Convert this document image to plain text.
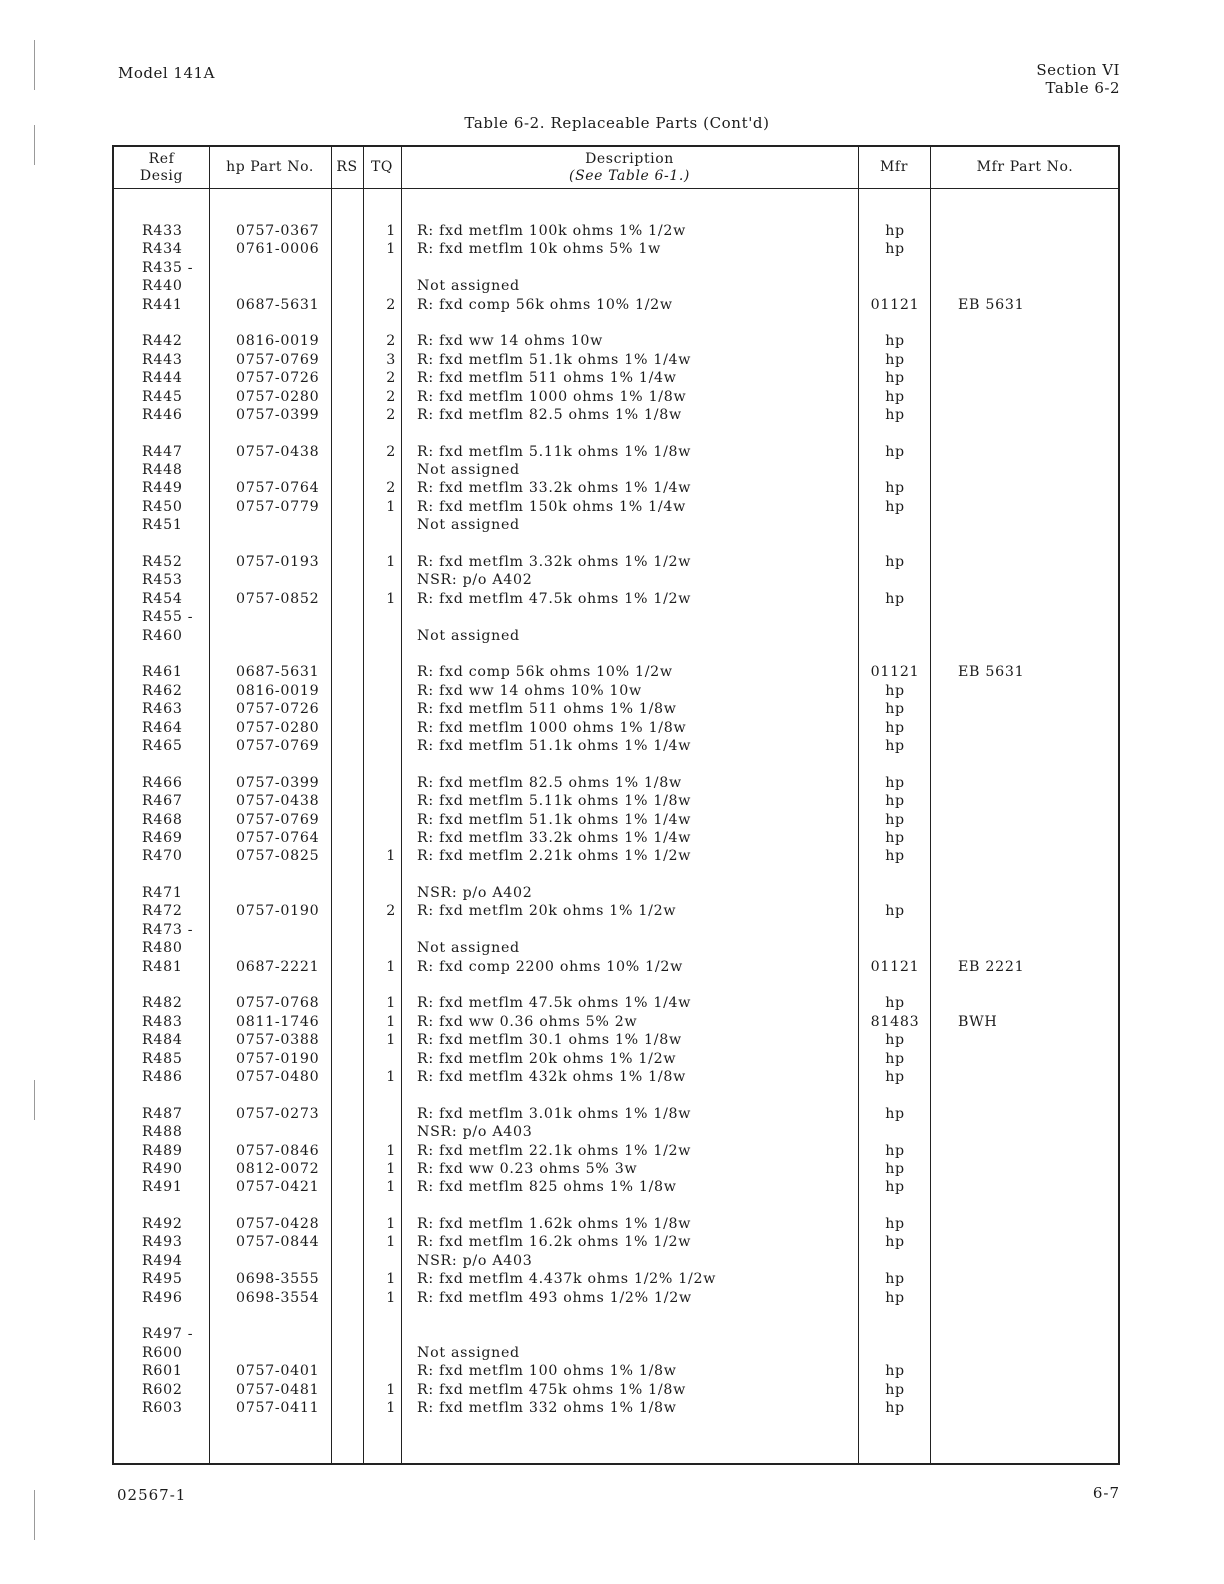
Model 141A	Section VI
Table 6-2
Table 6-2. Replaceable Parts (Cont'd)
Ref
Desig
hp Part No. RS TQ
Description
(See Table 6-1.)
Mfr	Mfr Part No.
R433	0757-0367	1 R: fxd metflm 100k ohms 1% 1/2w	hp
R434	0761-0006	1 R: fxd metflm 10k ohms 5% 1w	hp
R435 -
R440	Not assigned
R441	0687-5631	2 R: fxd comp 56k ohms 10% 1/2w	01121	EB 5631
R442	0816-0019	2 R: fxd ww 14 ohms 10w	hp
R443	0757-0769	3 R: fxd metflm 51.1k ohms 1% 1/4w	hp
R444	0757-0726	2 R: fxd metflm 511 ohms 1% 1/4w	hp
R445	0757-0280	2 R: fxd metflm 1000 ohms 1% 1/8w	hp
R446	0757-0399	2 R: fxd metflm 82.5 ohms 1% 1/8w	hp
R447	0757-0438	2 R: fxd metflm 5.11k ohms 1% 1/8w	hp
R448	Not assigned
R449	0757-0764	2 R: fxd metflm 33.2k ohms 1% 1/4w	hp
R450	0757-0779	1 R: fxd metflm 150k ohms 1% 1/4w	hp
R451	Not assigned
R452	0757-0193	1 R: fxd metflm 3.32k ohms 1% 1/2w	hp
R453	NSR: p/o A402
R454	0757-0852	1 R: fxd metflm 47.5k ohms 1% 1/2w	hp
R455 -
R460	Not assigned
R461	0687-5631	R: fxd comp 56k ohms 10% 1/2w	01121	EB 5631
R462	0816-0019	R: fxd ww 14 ohms 10% 10w	hp
R463	0757-0726	R: fxd metflm 511 ohms 1% 1/8w	hp
R464	0757-0280	R: fxd metflm 1000 ohms 1% 1/8w	hp
R465	0757-0769	R: fxd metflm 51.1k ohms 1% 1/4w	hp
R466	0757-0399	R: fxd metflm 82.5 ohms 1% 1/8w	hp
R467	0757-0438	R: fxd metflm 5.11k ohms 1% 1/8w	hp
R468	0757-0769	R: fxd metflm 51.1k ohms 1% 1/4w	hp
R469	0757-0764	R: fxd metflm 33.2k ohms 1% 1/4w	hp
R470	0757-0825	1 R: fxd metflm 2.21k ohms 1% 1/2w	hp
R471	NSR: p/o A402
R472	0757-0190	2 R: fxd metflm 20k ohms 1% 1/2w	hp
R473 -
R480	Not assigned
R481	0687-2221	1 R: fxd comp 2200 ohms 10% 1/2w	01121	EB 2221
R482	0757-0768	1 R: fxd metflm 47.5k ohms 1% 1/4w	hp
R483	0811-1746	1 R: fxd ww 0.36 ohms 5% 2w	81483	BWH
R484	0757-0388	1 R: fxd metflm 30.1 ohms 1% 1/8w	hp
R485	0757-0190	R: fxd metflm 20k ohms 1% 1/2w	hp
R486	0757-0480	1 R: fxd metflm 432k ohms 1% 1/8w	hp
R487	0757-0273	R: fxd metflm 3.01k ohms 1% 1/8w	hp
R488	NSR: p/o A403
R489	0757-0846	1 R: fxd metflm 22.1k ohms 1% 1/2w	hp
R490	0812-0072	1 R: fxd ww 0.23 ohms 5% 3w	hp
R491	0757-0421	1 R: fxd metflm 825 ohms 1% 1/8w	hp
R492	0757-0428	1 R: fxd metflm 1.62k ohms 1% 1/8w	hp
R493	0757-0844	1 R: fxd metflm 16.2k ohms 1% 1/2w	hp
R494	NSR: p/o A403
R495	0698-3555	1 R: fxd metflm 4.437k ohms 1/2% 1/2w	hp
R496	0698-3554	1 R: fxd metflm 493 ohms 1/2% 1/2w	hp
R497 -
R600	Not assigned
R601	0757-0401	R: fxd metflm 100 ohms 1% 1/8w	hp
R602	0757-0481	1 R: fxd metflm 475k ohms 1% 1/8w	hp
R603	0757-0411	1 R: fxd metflm 332 ohms 1% 1/8w	hp
02567-1	6-7
